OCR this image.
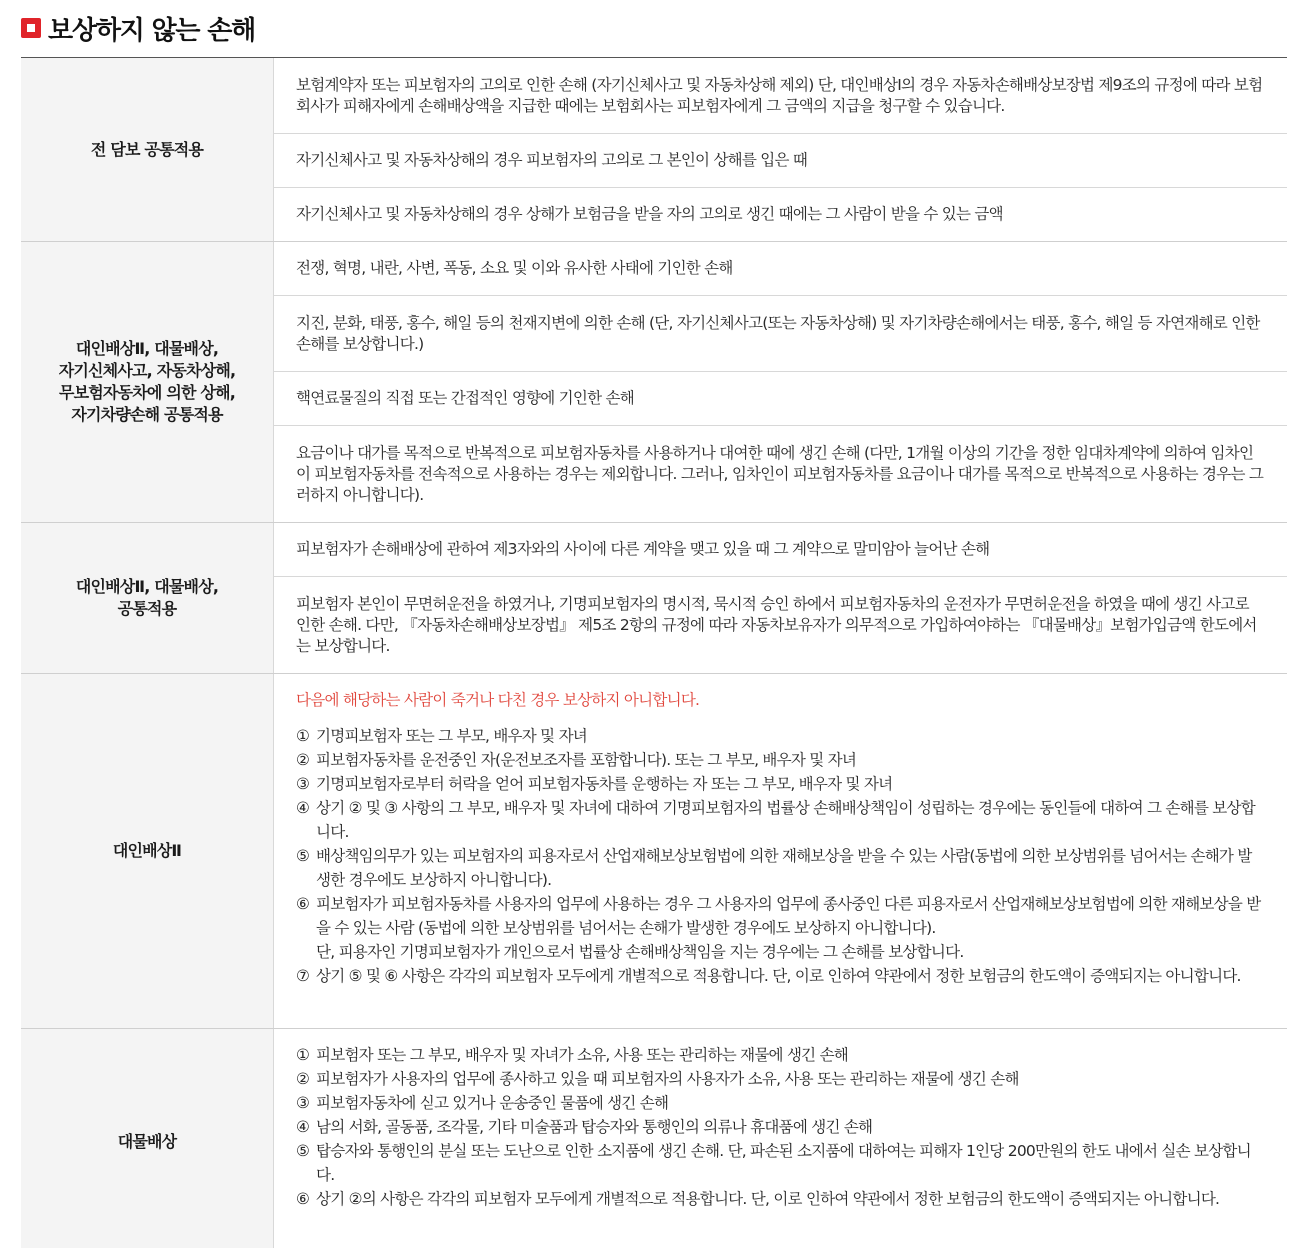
보상하지 않는 손해
전 담보 공통적용
보험계약자 또는 피보험자의 고의로 인한 손해 (자기신체사고 및 자동차상해 제외) 단, 대인배상Ⅰ의 경우 자동차손해배상보장법 제9조의 규정에 따라 보험회사가 피해자에게 손해배상액을 지급한 때에는 보험회사는 피보험자에게 그 금액의 지급을 청구할 수 있습니다.
자기신체사고 및 자동차상해의 경우 피보험자의 고의로 그 본인이 상해를 입은 때
자기신체사고 및 자동차상해의 경우 상해가 보험금을 받을 자의 고의로 생긴 때에는 그 사람이 받을 수 있는 금액
대인배상Ⅱ, 대물배상,
자기신체사고, 자동차상해,
무보험자동차에 의한 상해,
자기차량손해 공통적용
전쟁, 혁명, 내란, 사변, 폭동, 소요 및 이와 유사한 사태에 기인한 손해
지진, 분화, 태풍, 홍수, 해일 등의 천재지변에 의한 손해 (단, 자기신체사고(또는 자동차상해) 및 자기차량손해에서는 태풍, 홍수, 해일 등 자연재해로 인한 손해를 보상합니다.)
핵연료물질의 직접 또는 간접적인 영향에 기인한 손해
요금이나 대가를 목적으로 반복적으로 피보험자동차를 사용하거나 대여한 때에 생긴 손해 (다만, 1개월 이상의 기간을 정한 임대차계약에 의하여 임차인이 피보험자동차를 전속적으로 사용하는 경우는 제외합니다. 그러나, 임차인이 피보험자동차를 요금이나 대가를 목적으로 반복적으로 사용하는 경우는 그러하지 아니합니다).
대인배상Ⅱ, 대물배상,
공통적용
피보험자가 손해배상에 관하여 제3자와의 사이에 다른 계약을 맺고 있을 때 그 계약으로 말미암아 늘어난 손해
피보험자 본인이 무면허운전을 하였거나, 기명피보험자의 명시적, 묵시적 승인 하에서 피보험자동차의 운전자가 무면허운전을 하였을 때에 생긴 사고로 인한 손해. 다만, 『자동차손해배상보장법』 제5조 2항의 규정에 따라 자동차보유자가 의무적으로 가입하여야하는 『대물배상』보험가입금액 한도에서는 보상합니다.
대인배상Ⅱ
다음에 해당하는 사람이 죽거나 다친 경우 보상하지 아니합니다.
① 기명피보험자 또는 그 부모, 배우자 및 자녀
② 피보험자동차를 운전중인 자(운전보조자를 포함합니다). 또는 그 부모, 배우자 및 자녀
③ 기명피보험자로부터 허락을 얻어 피보험자동차를 운행하는 자 또는 그 부모, 배우자 및 자녀
④ 상기 ② 및 ③ 사항의 그 부모, 배우자 및 자녀에 대하여 기명피보험자의 법률상 손해배상책임이 성립하는 경우에는 동인들에 대하여 그 손해를 보상합니다.
⑤ 배상책임의무가 있는 피보험자의 피용자로서 산업재해보상보험법에 의한 재해보상을 받을 수 있는 사람(동법에 의한 보상범위를 넘어서는 손해가 발생한 경우에도 보상하지 아니합니다).
⑥ 피보험자가 피보험자동차를 사용자의 업무에 사용하는 경우 그 사용자의 업무에 종사중인 다른 피용자로서 산업재해보상보험법에 의한 재해보상을 받을 수 있는 사람 (동법에 의한 보상범위를 넘어서는 손해가 발생한 경우에도 보상하지 아니합니다).
단, 피용자인 기명피보험자가 개인으로서 법률상 손해배상책임을 지는 경우에는 그 손해를 보상합니다.
⑦ 상기 ⑤ 및 ⑥ 사항은 각각의 피보험자 모두에게 개별적으로 적용합니다. 단, 이로 인하여 약관에서 정한 보험금의 한도액이 증액되지는 아니합니다.
대물배상
① 피보험자 또는 그 부모, 배우자 및 자녀가 소유, 사용 또는 관리하는 재물에 생긴 손해
② 피보험자가 사용자의 업무에 종사하고 있을 때 피보험자의 사용자가 소유, 사용 또는 관리하는 재물에 생긴 손해
③ 피보험자동차에 싣고 있거나 운송중인 물품에 생긴 손해
④ 남의 서화, 골동품, 조각물, 기타 미술품과 탑승자와 통행인의 의류나 휴대품에 생긴 손해
⑤ 탑승자와 통행인의 분실 또는 도난으로 인한 소지품에 생긴 손해. 단, 파손된 소지품에 대하여는 피해자 1인당 200만원의 한도 내에서 실손 보상합니다.
⑥ 상기 ②의 사항은 각각의 피보험자 모두에게 개별적으로 적용합니다. 단, 이로 인하여 약관에서 정한 보험금의 한도액이 증액되지는 아니합니다.
